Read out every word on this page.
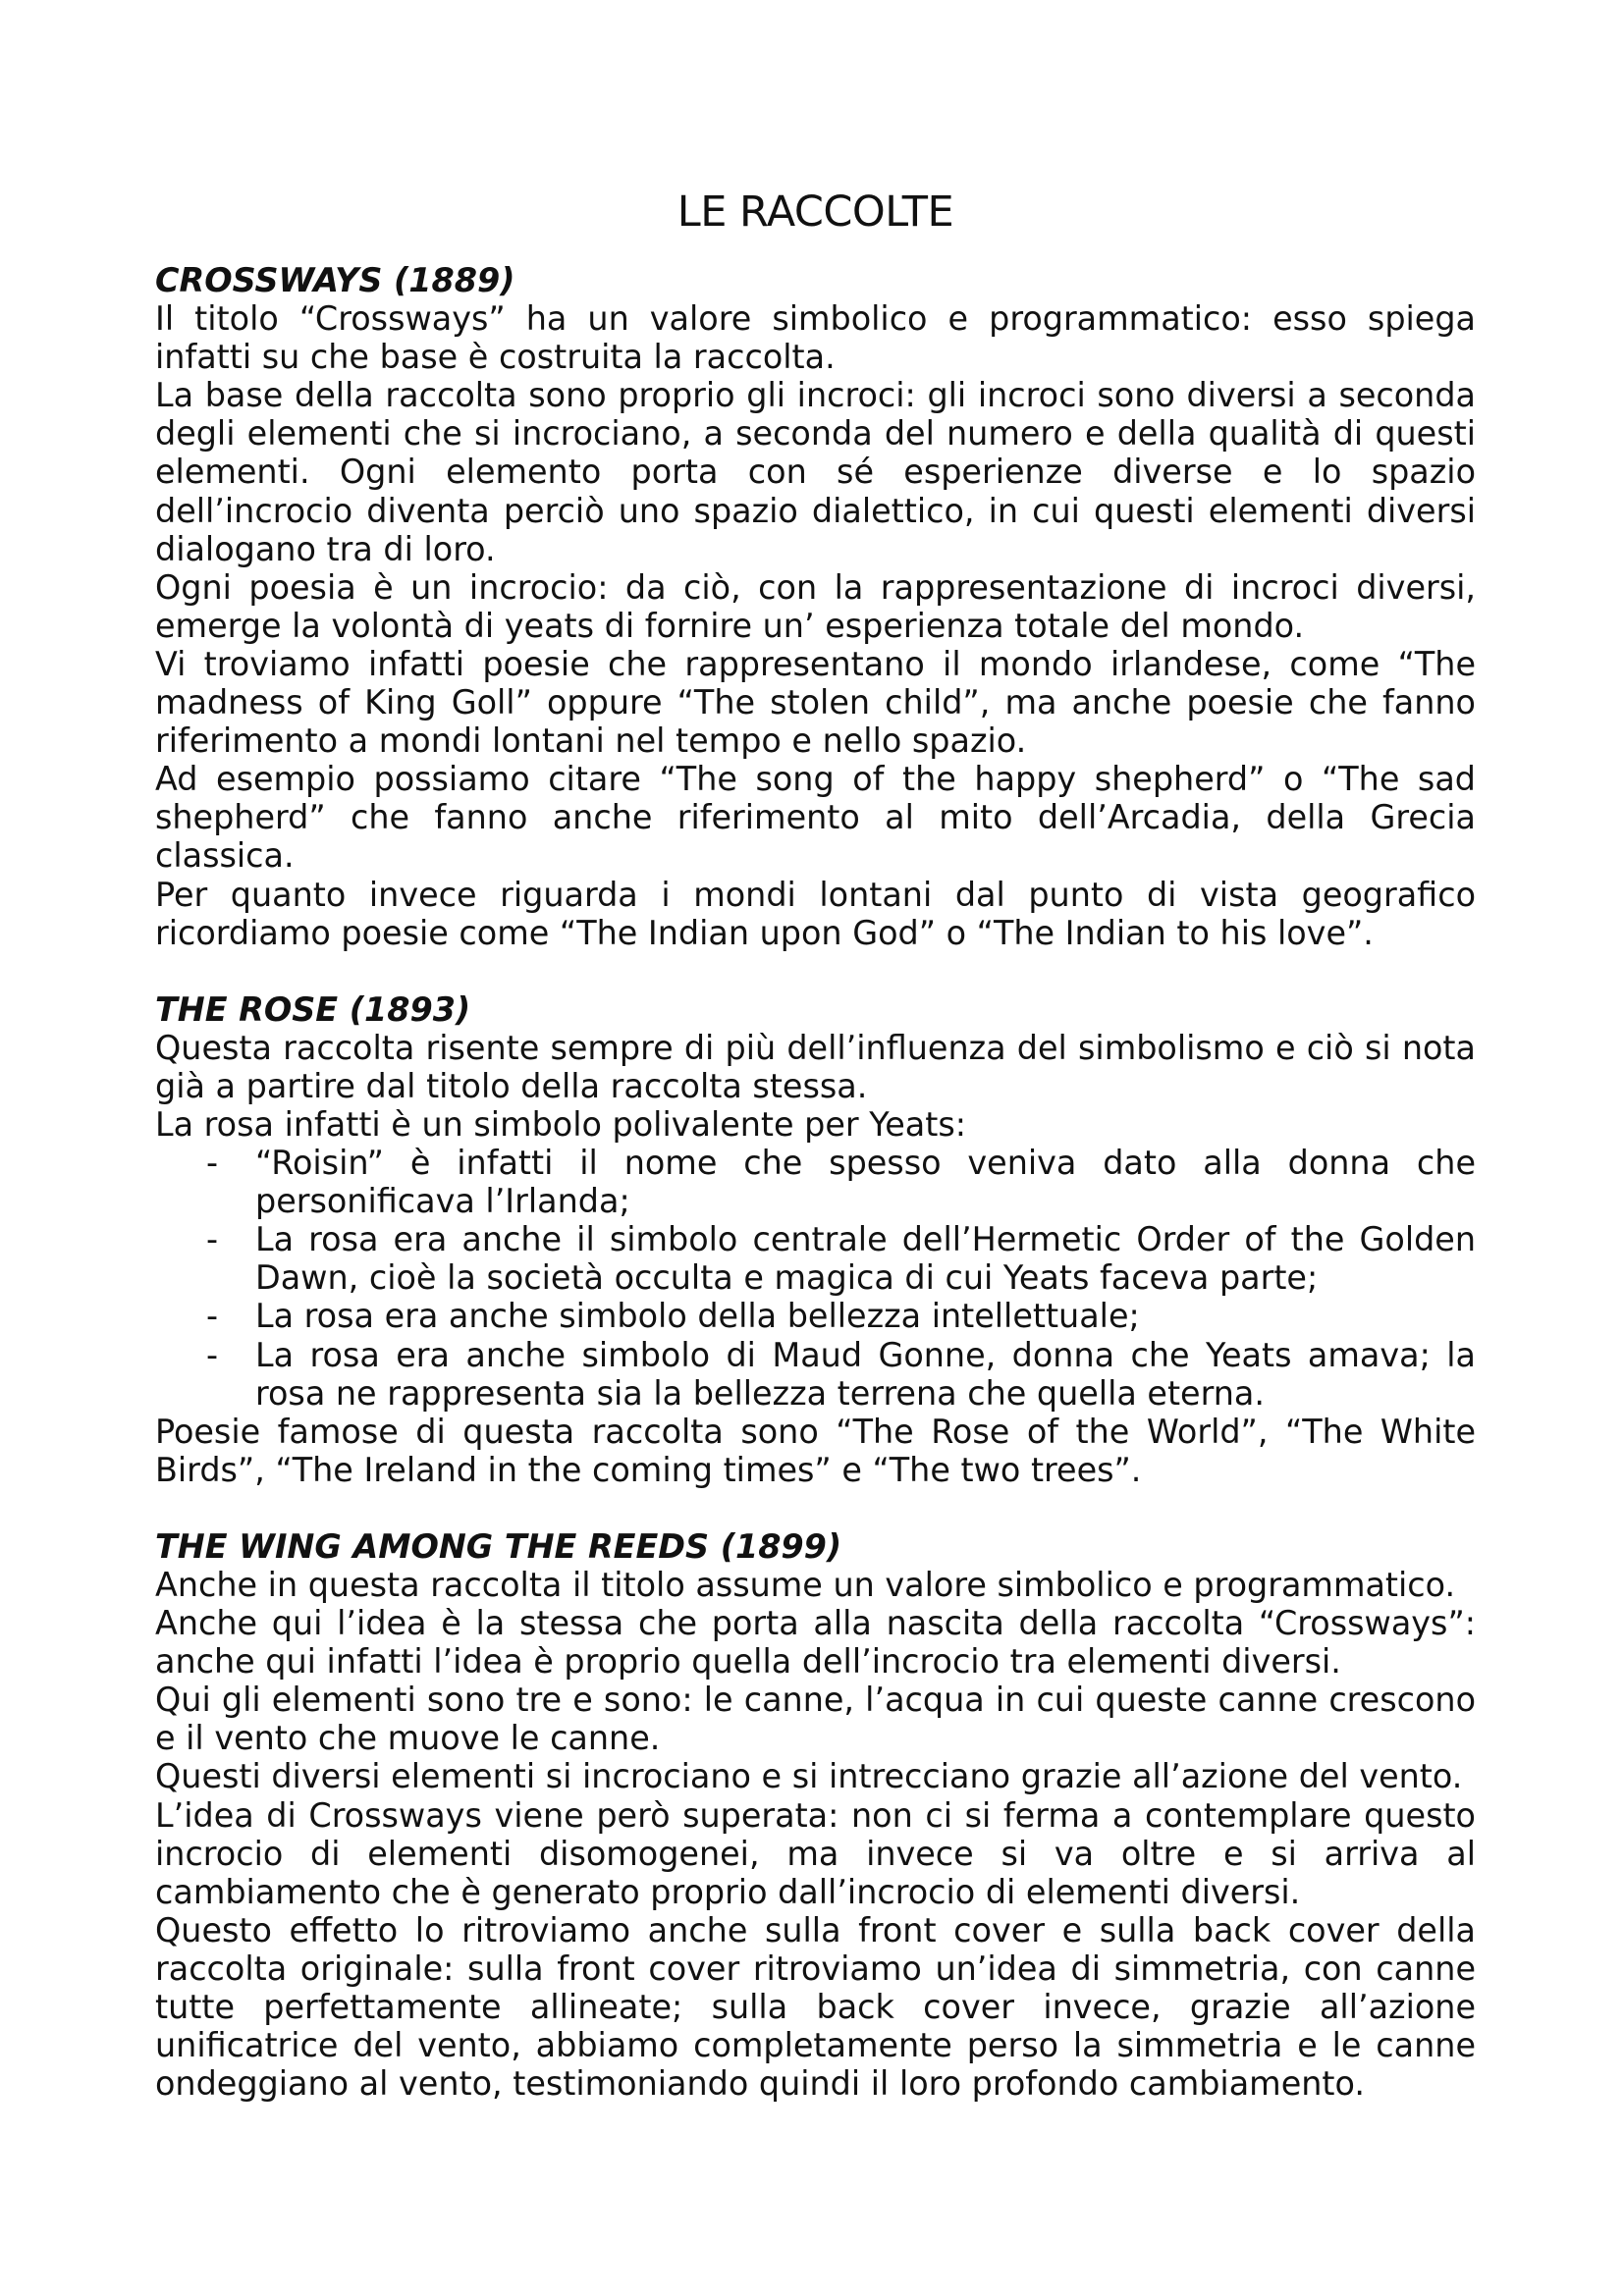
LE RACCOLTE

CROSSWAYS (1889)

Il titolo “Crossways” ha un valore simbolico e programmatico: esso spiega infatti su che base è costruita la raccolta.

La base della raccolta sono proprio gli incroci: gli incroci sono diversi a seconda degli elementi che si incrociano, a seconda del numero e della qualità di questi elementi. Ogni elemento porta con sé esperienze diverse e lo spazio dell’incrocio diventa perciò uno spazio dialettico, in cui questi elementi diversi dialogano tra di loro.

Ogni poesia è un incrocio: da ciò, con la rappresentazione di incroci diversi, emerge la volontà di yeats di fornire un’ esperienza totale del mondo.

Vi troviamo infatti poesie che rappresentano il mondo irlandese, come “The madness of King Goll” oppure “The stolen child”, ma anche poesie che fanno riferimento a mondi lontani nel tempo e nello spazio.

Ad esempio possiamo citare “The song of the happy shepherd” o “The sad shepherd” che fanno anche riferimento al mito dell’Arcadia, della Grecia classica.

Per quanto invece riguarda i mondi lontani dal punto di vista geografico ricordiamo poesie come “The Indian upon God” o “The Indian to his love”.

THE ROSE (1893)

Questa raccolta risente sempre di più dell’influenza del simbolismo e ciò si nota già a partire dal titolo della raccolta stessa.

La rosa infatti è un simbolo polivalente per Yeats:

- “Roisin” è infatti il nome che spesso veniva dato alla donna che personificava l’Irlanda;
- La rosa era anche il simbolo centrale dell’Hermetic Order of the Golden Dawn, cioè la società occulta e magica di cui Yeats faceva parte;
- La rosa era anche simbolo della bellezza intellettuale;
- La rosa era anche simbolo di Maud Gonne, donna che Yeats amava; la rosa ne rappresenta sia la bellezza terrena che quella eterna.

Poesie famose di questa raccolta sono “The Rose of the World”, “The White Birds”, “The Ireland in the coming times” e “The two trees”.

THE WING AMONG THE REEDS (1899)

Anche in questa raccolta il titolo assume un valore simbolico e programmatico.

Anche qui l’idea è la stessa che porta alla nascita della raccolta “Crossways”: anche qui infatti l’idea è proprio quella dell’incrocio tra elementi diversi.

Qui gli elementi sono tre e sono: le canne, l’acqua in cui queste canne crescono e il vento che muove le canne.

Questi diversi elementi si incrociano e si intrecciano grazie all’azione del vento.

L’idea di Crossways viene però superata: non ci si ferma a contemplare questo incrocio di elementi disomogenei, ma invece si va oltre e si arriva al cambiamento che è generato proprio dall’incrocio di elementi diversi.

Questo effetto lo ritroviamo anche sulla front cover e sulla back cover della raccolta originale: sulla front cover ritroviamo un’idea di simmetria, con canne tutte perfettamente allineate; sulla back cover invece, grazie all’azione unificatrice del vento, abbiamo completamente perso la simmetria e le canne ondeggiano al vento, testimoniando quindi il loro profondo cambiamento.
